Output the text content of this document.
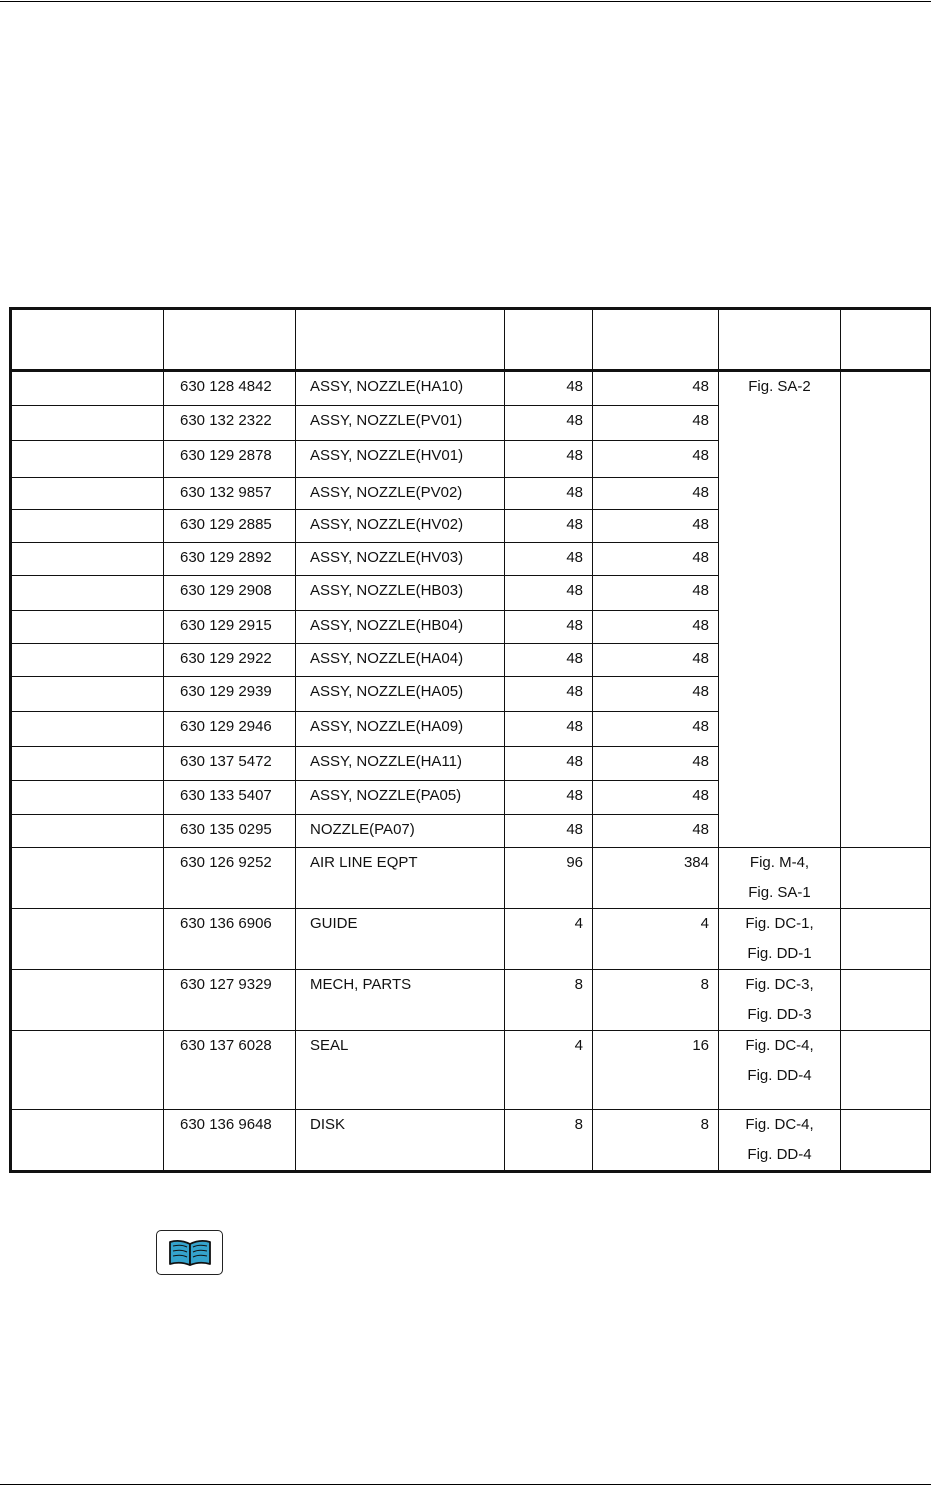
	630 128 4842	ASSY, NOZZLE(HA10)	48	48	Fig. SA-2	
	630 132 2322	ASSY, NOZZLE(PV01)	48	48		
	630 129 2878	ASSY, NOZZLE(HV01)	48	48		
	630 132 9857	ASSY, NOZZLE(PV02)	48	48		
	630 129 2885	ASSY, NOZZLE(HV02)	48	48		
	630 129 2892	ASSY, NOZZLE(HV03)	48	48		
	630 129 2908	ASSY, NOZZLE(HB03)	48	48		
	630 129 2915	ASSY, NOZZLE(HB04)	48	48		
	630 129 2922	ASSY, NOZZLE(HA04)	48	48		
	630 129 2939	ASSY, NOZZLE(HA05)	48	48		
	630 129 2946	ASSY, NOZZLE(HA09)	48	48		
	630 137 5472	ASSY, NOZZLE(HA11)	48	48		
	630 133 5407	ASSY, NOZZLE(PA05)	48	48		
	630 135 0295	NOZZLE(PA07)	48	48		
	630 126 9252	AIR LINE EQPT	96	384	Fig. M-4,
Fig. SA-1	

	630 136 6906	GUIDE	4	4	Fig. DC-1,
Fig. DD-1	

	630 127 9329	MECH, PARTS	8	8	Fig. DC-3,
Fig. DD-3	

	630 137 6028	SEAL	4	16	Fig. DC-4,
Fig. DD-4	

	630 136 9648	DISK	8	8	Fig. DC-4,
Fig. DD-4	
